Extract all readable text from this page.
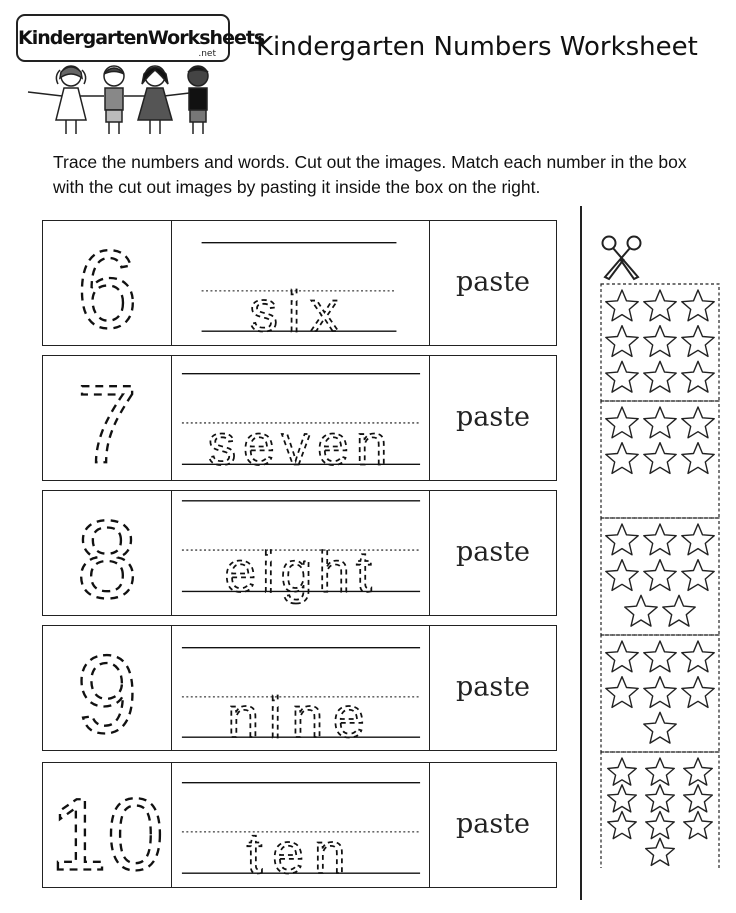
KindergartenWorksheets
.net Kindergarten Numbers Worksheet
Trace the numbers and words. Cut out the images. Match each number in the box with the cut out images by pasting it inside the box on the right.
6 six	paste
7 seven	paste
8 eight	paste
9 nine	paste
10 ten	paste
